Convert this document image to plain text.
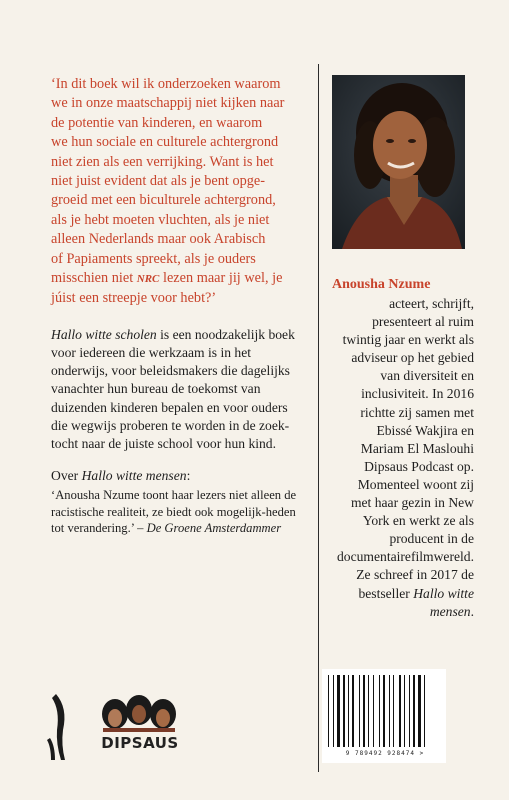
‘In dit boek wil ik onderzoeken waarom
we in onze maatschappij niet kijken naar
de potentie van kinderen, en waarom
we hun sociale en culturele achtergrond
niet zien als een verrijking. Want is het
niet juist evident dat als je bent opge-
groeid met een biculturele achtergrond,
als je hebt moeten vluchten, als je niet
alleen Nederlands maar ook Arabisch
of Papiaments spreekt, als je ouders
misschien niet NRC lezen maar jij wel, je
júist een streepje voor hebt?’

Hallo witte scholen is een noodzakelijk boek voor iedereen die werkzaam is in het onderwijs, voor beleidsmakers die dagelijks vanachter hun bureau de toekomst van duizenden kinderen bepalen en voor ouders die wegwijs proberen te worden in de zoek-tocht naar de juiste school voor hun kind.

Over Hallo witte mensen:

‘Anousha Nzume toont haar lezers niet alleen de racistische realiteit, ze biedt ook mogelijk-heden tot verandering.’ – De Groene Amsterdammer

Anousha Nzume

acteert, schrijft, presenteert al ruim twintig jaar en werkt als adviseur op het gebied van diversiteit en inclusiviteit. In 2016 richtte zij samen met Ebissé Wakjira en Mariam El Maslouhi Dipsaus Podcast op. Momenteel woont zij met haar gezin in New York en werkt ze als producent in de documentairefilmwereld. Ze schreef in 2017 de bestseller Hallo witte mensen.

DIPSAUS
9 789492 928474 >
